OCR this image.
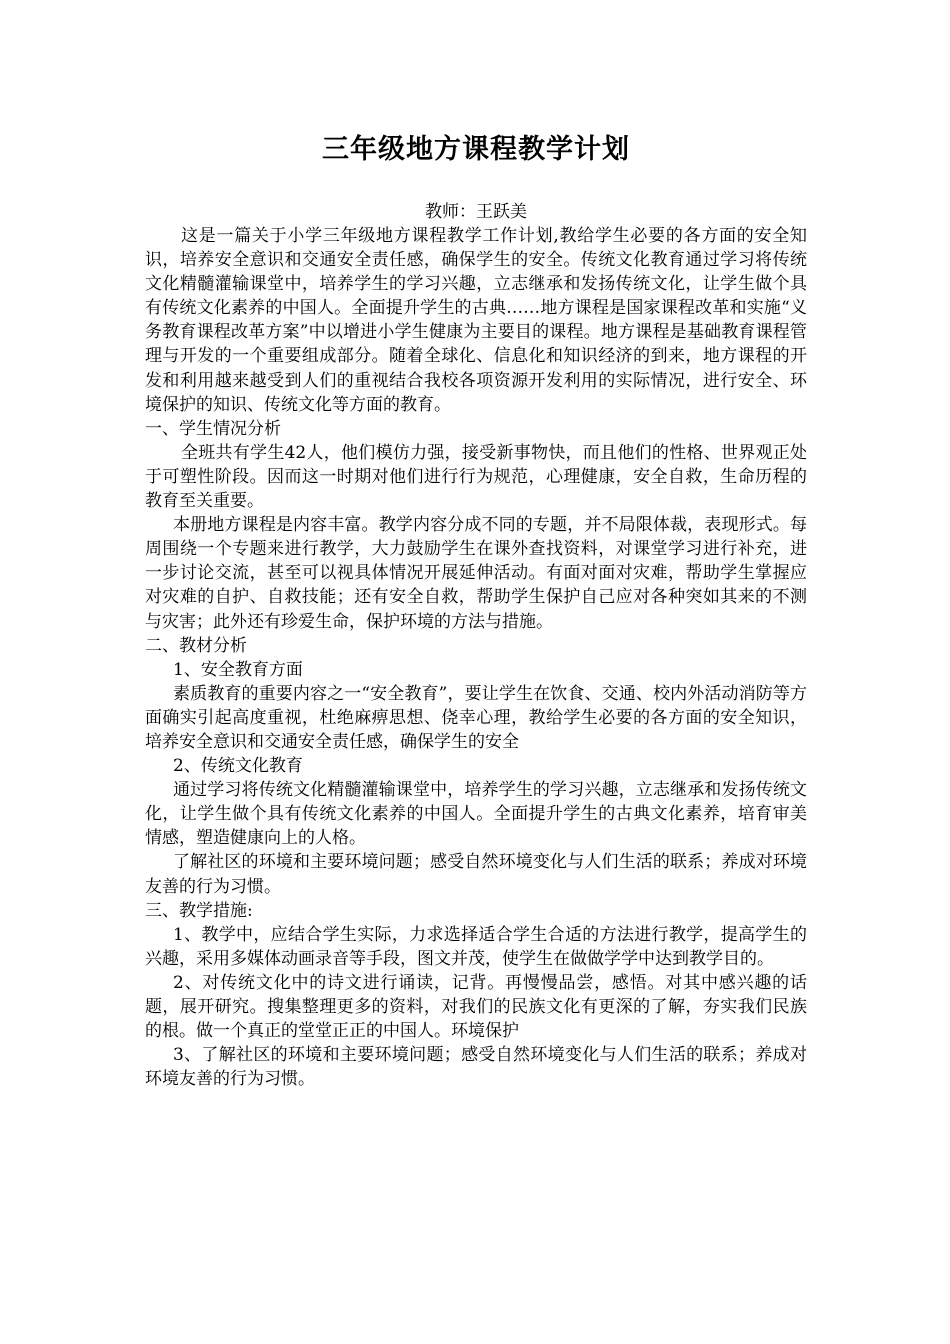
三年级地方课程教学计划

教师：王跃美

这是一篇关于小学三年级地方课程教学工作计划,教给学生必要的各方面的安全知识，培养安全意识和交通安全责任感，确保学生的安全。传统文化教育通过学习将传统文化精髓灌输课堂中，培养学生的学习兴趣，立志继承和发扬传统文化，让学生做个具有传统文化素养的中国人。全面提升学生的古典……地方课程是国家课程改革和实施“义务教育课程改革方案”中以增进小学生健康为主要目的课程。地方课程是基础教育课程管理与开发的一个重要组成部分。随着全球化、信息化和知识经济的到来，地方课程的开发和利用越来越受到人们的重视结合我校各项资源开发利用的实际情况，进行安全、环境保护的知识、传统文化等方面的教育。

一、学生情况分析

全班共有学生42人，他们模仿力强，接受新事物快，而且他们的性格、世界观正处于可塑性阶段。因而这一时期对他们进行行为规范，心理健康，安全自救，生命历程的教育至关重要。

本册地方课程是内容丰富。教学内容分成不同的专题，并不局限体裁，表现形式。每周围绕一个专题来进行教学，大力鼓励学生在课外查找资料，对课堂学习进行补充，进一步讨论交流，甚至可以视具体情况开展延伸活动。有面对面对灾难，帮助学生掌握应对灾难的自护、自救技能；还有安全自救，帮助学生保护自己应对各种突如其来的不测与灾害；此外还有珍爱生命，保护环境的方法与措施。

二、教材分析

1、安全教育方面

素质教育的重要内容之一“安全教育”，要让学生在饮食、交通、校内外活动消防等方面确实引起高度重视，杜绝麻痹思想、侥幸心理，教给学生必要的各方面的安全知识，培养安全意识和交通安全责任感，确保学生的安全

2、传统文化教育

通过学习将传统文化精髓灌输课堂中，培养学生的学习兴趣，立志继承和发扬传统文化，让学生做个具有传统文化素养的中国人。全面提升学生的古典文化素养，培育审美情感，塑造健康向上的人格。

了解社区的环境和主要环境问题；感受自然环境变化与人们生活的联系；养成对环境友善的行为习惯。

三、教学措施:

1、教学中，应结合学生实际，力求选择适合学生合适的方法进行教学，提高学生的兴趣，采用多媒体动画录音等手段，图文并茂，使学生在做做学学中达到教学目的。

2、对传统文化中的诗文进行诵读，记背。再慢慢品尝，感悟。对其中感兴趣的话题，展开研究。搜集整理更多的资料，对我们的民族文化有更深的了解，夯实我们民族的根。做一个真正的堂堂正正的中国人。环境保护

3、了解社区的环境和主要环境问题；感受自然环境变化与人们生活的联系；养成对环境友善的行为习惯。
